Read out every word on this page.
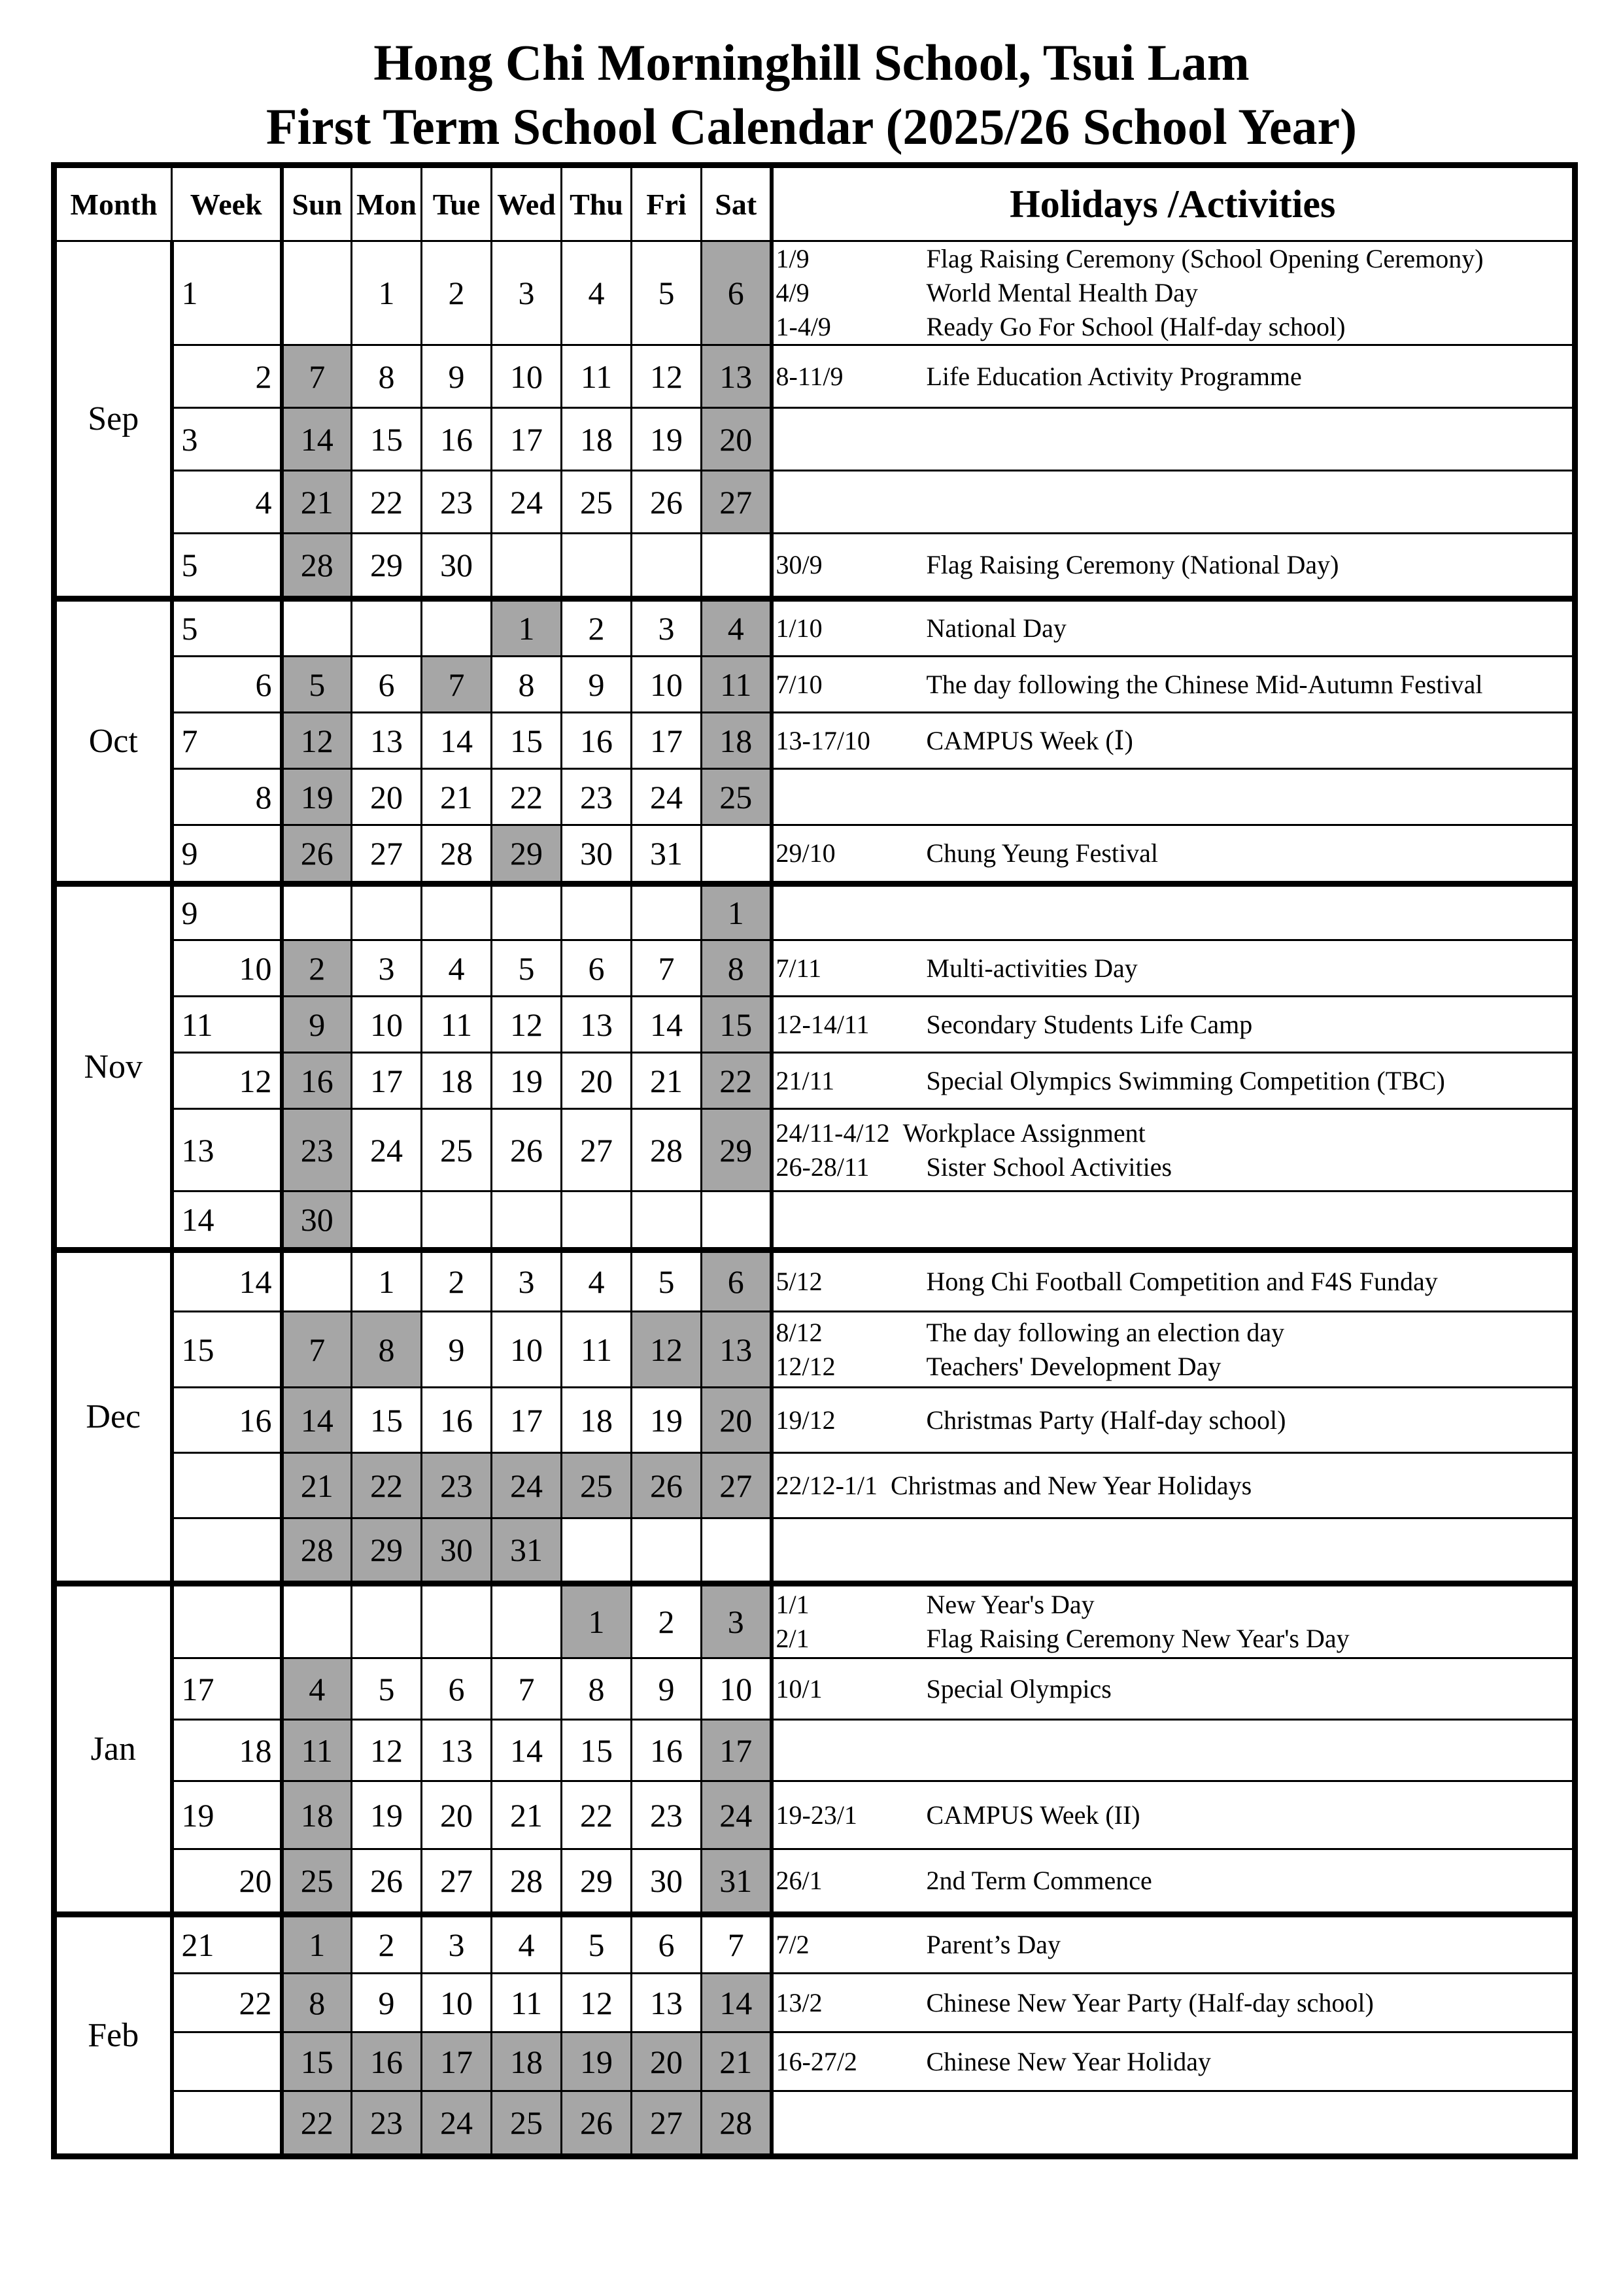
Hong Chi Morninghill School, Tsui Lam
First Term School Calendar (2025/26 School Year)
Month	Week	Sun	Mon	Tue	Wed	Thu	Fri	Sat	Holidays /Activities
Sep	1		1	2	3	4	5	6	1/9 Flag Raising Ceremony (School Opening Ceremony)
4/9 World Mental Health Day
1-4/9 Ready Go For School (Half-day school)

	2	7	8	9	10	11	12	13	8-11/9 Life Education Activity Programme

	3	14	15	16	17	18	19	20	
	4	21	22	23	24	25	26	27	
	5	28	29	30					30/9 Flag Raising Ceremony (National Day)

Oct	5				1	2	3	4	1/10 National Day

	6	5	6	7	8	9	10	11	7/10 The day following the Chinese Mid-Autumn Festival

	7	12	13	14	15	16	17	18	13-17/10 CAMPUS Week (Ⅰ)

	8	19	20	21	22	23	24	25	
	9	26	27	28	29	30	31		29/10 Chung Yeung Festival

Nov	9							1	
	10	2	3	4	5	6	7	8	7/11 Multi-activities Day

	11	9	10	11	12	13	14	15	12-14/11 Secondary Students Life Camp

	12	16	17	18	19	20	21	22	21/11 Special Olympics Swimming Competition (TBC)

	13	23	24	25	26	27	28	29	24/11-4/12 Workplace Assignment
26-28/11 Sister School Activities

	14	30							
Dec	14		1	2	3	4	5	6	5/12 Hong Chi Football Competition and F4S Funday

	15	7	8	9	10	11	12	13	8/12 The day following an election day
12/12 Teachers' Development Day

	16	14	15	16	17	18	19	20	19/12 Christmas Party (Half-day school)

		21	22	23	24	25	26	27	22/12-1/1 Christmas and New Year Holidays

		28	29	30	31				
Jan						1	2	3	1/1 New Year's Day
2/1 Flag Raising Ceremony New Year's Day

	17	4	5	6	7	8	9	10	10/1 Special Olympics

	18	11	12	13	14	15	16	17	
	19	18	19	20	21	22	23	24	19-23/1 CAMPUS Week (II)

	20	25	26	27	28	29	30	31	26/1 2nd Term Commence

Feb	21	1	2	3	4	5	6	7	7/2 Parent’s Day

	22	8	9	10	11	12	13	14	13/2 Chinese New Year Party (Half-day school)

		15	16	17	18	19	20	21	16-27/2 Chinese New Year Holiday

		22	23	24	25	26	27	28	
